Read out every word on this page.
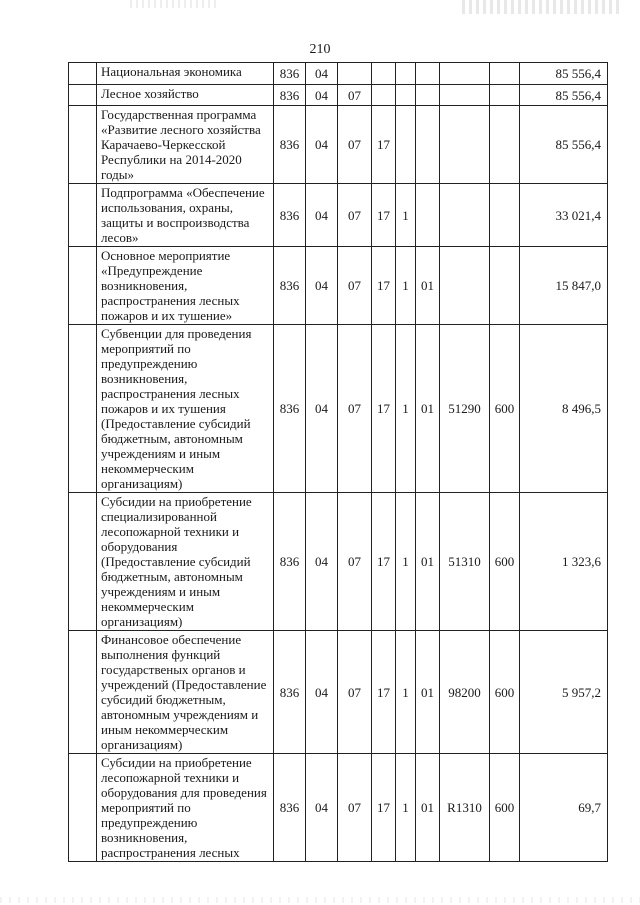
210
	Национальная экономика	836	04							85 556,4
	Лесное хозяйство	836	04	07						85 556,4
	Государственная программа «Развитие лесного хозяйства Карачаево-Черкесской Республики на 2014-2020 годы»	836	04	07	17					85 556,4
	Подпрограмма «Обеспечение использования, охраны, защиты и воспроизводства лесов»	836	04	07	17	1				33 021,4
	Основное мероприятие «Предупреждение возникновения, распространения лесных пожаров и их тушение»	836	04	07	17	1	01			15 847,0
	Субвенции для проведения мероприятий по предупреждению возникновения, распространения лесных пожаров и их тушения (Предоставление субсидий бюджетным, автономным учреждениям и иным некоммерческим организациям)	836	04	07	17	1	01	51290	600	8 496,5
	Субсидии на приобретение специализированной лесопожарной техники и оборудования (Предоставление субсидий бюджетным, автономным учреждениям и иным некоммерческим организациям)	836	04	07	17	1	01	51310	600	1 323,6
	Финансовое обеспечение выполнения функций государственых органов и учреждений (Предоставление субсидий бюджетным, автономным учреждениям и иным некоммерческим организациям)	836	04	07	17	1	01	98200	600	5 957,2
	Субсидии на приобретение лесопожарной техники и оборудования для проведения мероприятий по предупреждению возникновения, распространения лесных	836	04	07	17	1	01	R1310	600	69,7
